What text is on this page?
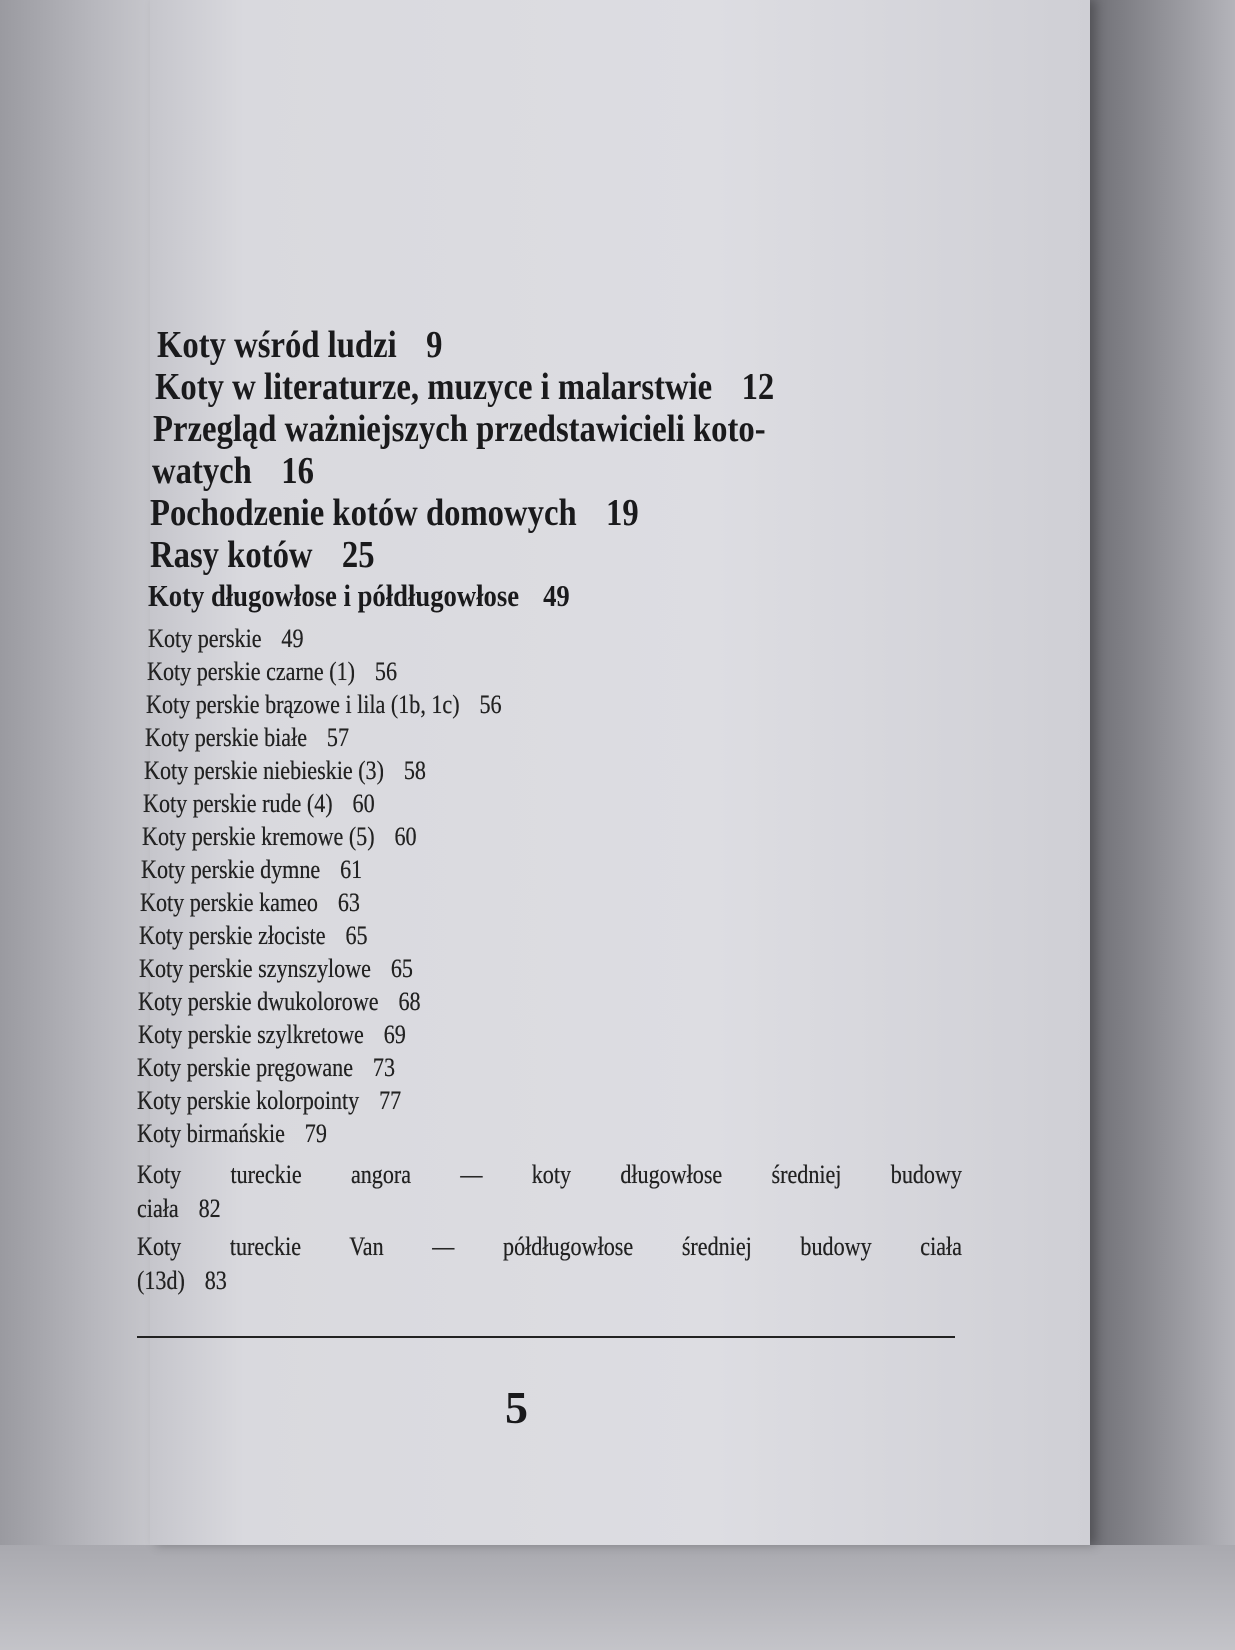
Koty wśród ludzi 9
Koty w literaturze, muzyce i malarstwie 12
Przegląd ważniejszych przedstawicieli koto-
watych 16
Pochodzenie kotów domowych 19
Rasy kotów 25
Koty długowłose i półdługowłose 49
Koty perskie 49
Koty perskie czarne (1) 56
Koty perskie brązowe i lila (1b, 1c) 56
Koty perskie białe 57
Koty perskie niebieskie (3) 58
Koty perskie rude (4) 60
Koty perskie kremowe (5) 60
Koty perskie dymne 61
Koty perskie kameo 63
Koty perskie złociste 65
Koty perskie szynszylowe 65
Koty perskie dwukolorowe 68
Koty perskie szylkretowe 69
Koty perskie pręgowane 73
Koty perskie kolorpointy 77
Koty birmańskie 79
Koty tureckie angora — koty długowłose średniej budowy
ciała 82
Koty tureckie Van — półdługowłose średniej budowy ciała
(13d) 83
5
